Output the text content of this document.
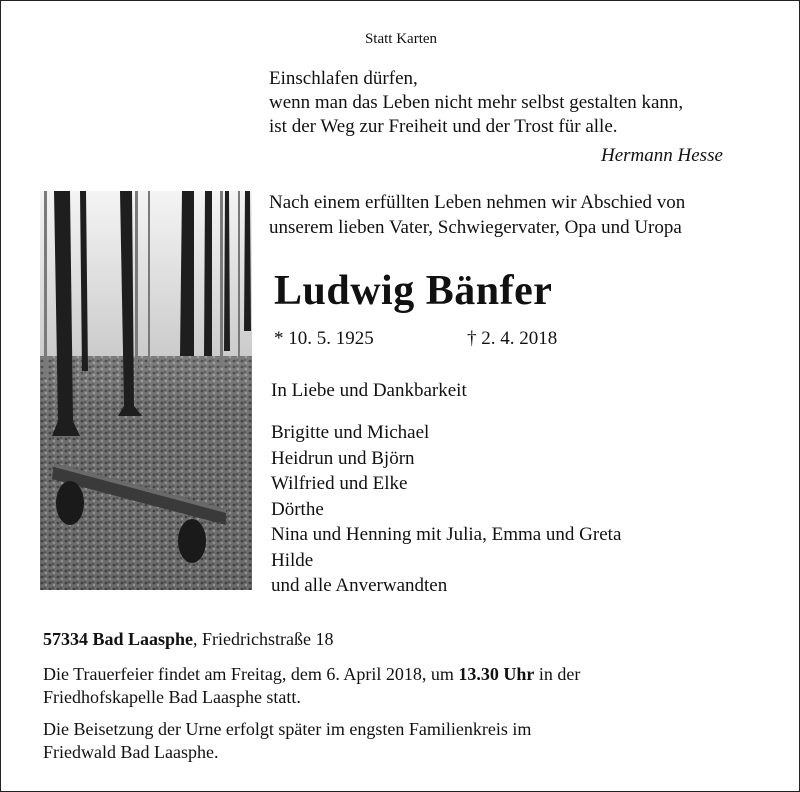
Statt Karten
Einschlafen dürfen,
wenn man das Leben nicht mehr selbst gestalten kann,
ist der Weg zur Freiheit und der Trost für alle.
Hermann Hesse
Nach einem erfüllten Leben nehmen wir Abschied von
unserem lieben Vater, Schwiegervater, Opa und Uropa
Ludwig Bänfer
* 10. 5. 1925	† 2. 4. 2018
In Liebe und Dankbarkeit
Brigitte und Michael
Heidrun und Björn
Wilfried und Elke
Dörthe
Nina und Henning mit Julia, Emma und Greta
Hilde
und alle Anverwandten
57334 Bad Laasphe, Friedrichstraße 18
Die Trauerfeier findet am Freitag, dem 6. April 2018, um 13.30 Uhr in der
Friedhofskapelle Bad Laasphe statt.
Die Beisetzung der Urne erfolgt später im engsten Familienkreis im
Friedwald Bad Laasphe.
